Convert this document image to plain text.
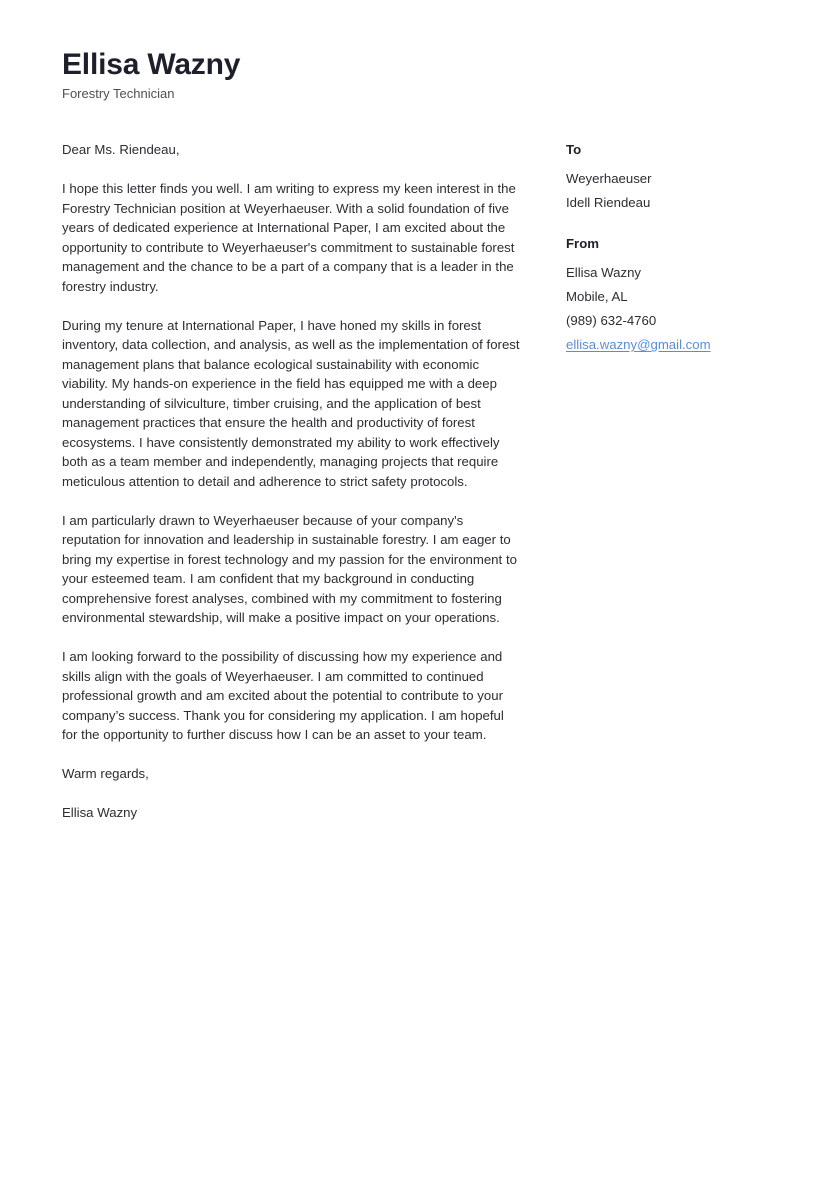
Ellisa Wazny
Forestry Technician

Dear Ms. Riendeau,

I hope this letter finds you well. I am writing to express my keen interest in the Forestry Technician position at Weyerhaeuser. With a solid foundation of five years of dedicated experience at International Paper, I am excited about the opportunity to contribute to Weyerhaeuser's commitment to sustainable forest management and the chance to be a part of a company that is a leader in the forestry industry.

During my tenure at International Paper, I have honed my skills in forest inventory, data collection, and analysis, as well as the implementation of forest management plans that balance ecological sustainability with economic viability. My hands-on experience in the field has equipped me with a deep understanding of silviculture, timber cruising, and the application of best management practices that ensure the health and productivity of forest ecosystems. I have consistently demonstrated my ability to work effectively both as a team member and independently, managing projects that require meticulous attention to detail and adherence to strict safety protocols.

I am particularly drawn to Weyerhaeuser because of your company's reputation for innovation and leadership in sustainable forestry. I am eager to bring my expertise in forest technology and my passion for the environment to your esteemed team. I am confident that my background in conducting comprehensive forest analyses, combined with my commitment to fostering environmental stewardship, will make a positive impact on your operations.

I am looking forward to the possibility of discussing how my experience and skills align with the goals of Weyerhaeuser. I am committed to continued professional growth and am excited about the potential to contribute to your company’s success. Thank you for considering my application. I am hopeful for the opportunity to further discuss how I can be an asset to your team.

Warm regards,

Ellisa Wazny

To
Weyerhaeuser
Idell Riendeau
From
Ellisa Wazny
Mobile, AL
(989) 632-4760
ellisa.wazny@gmail.com
